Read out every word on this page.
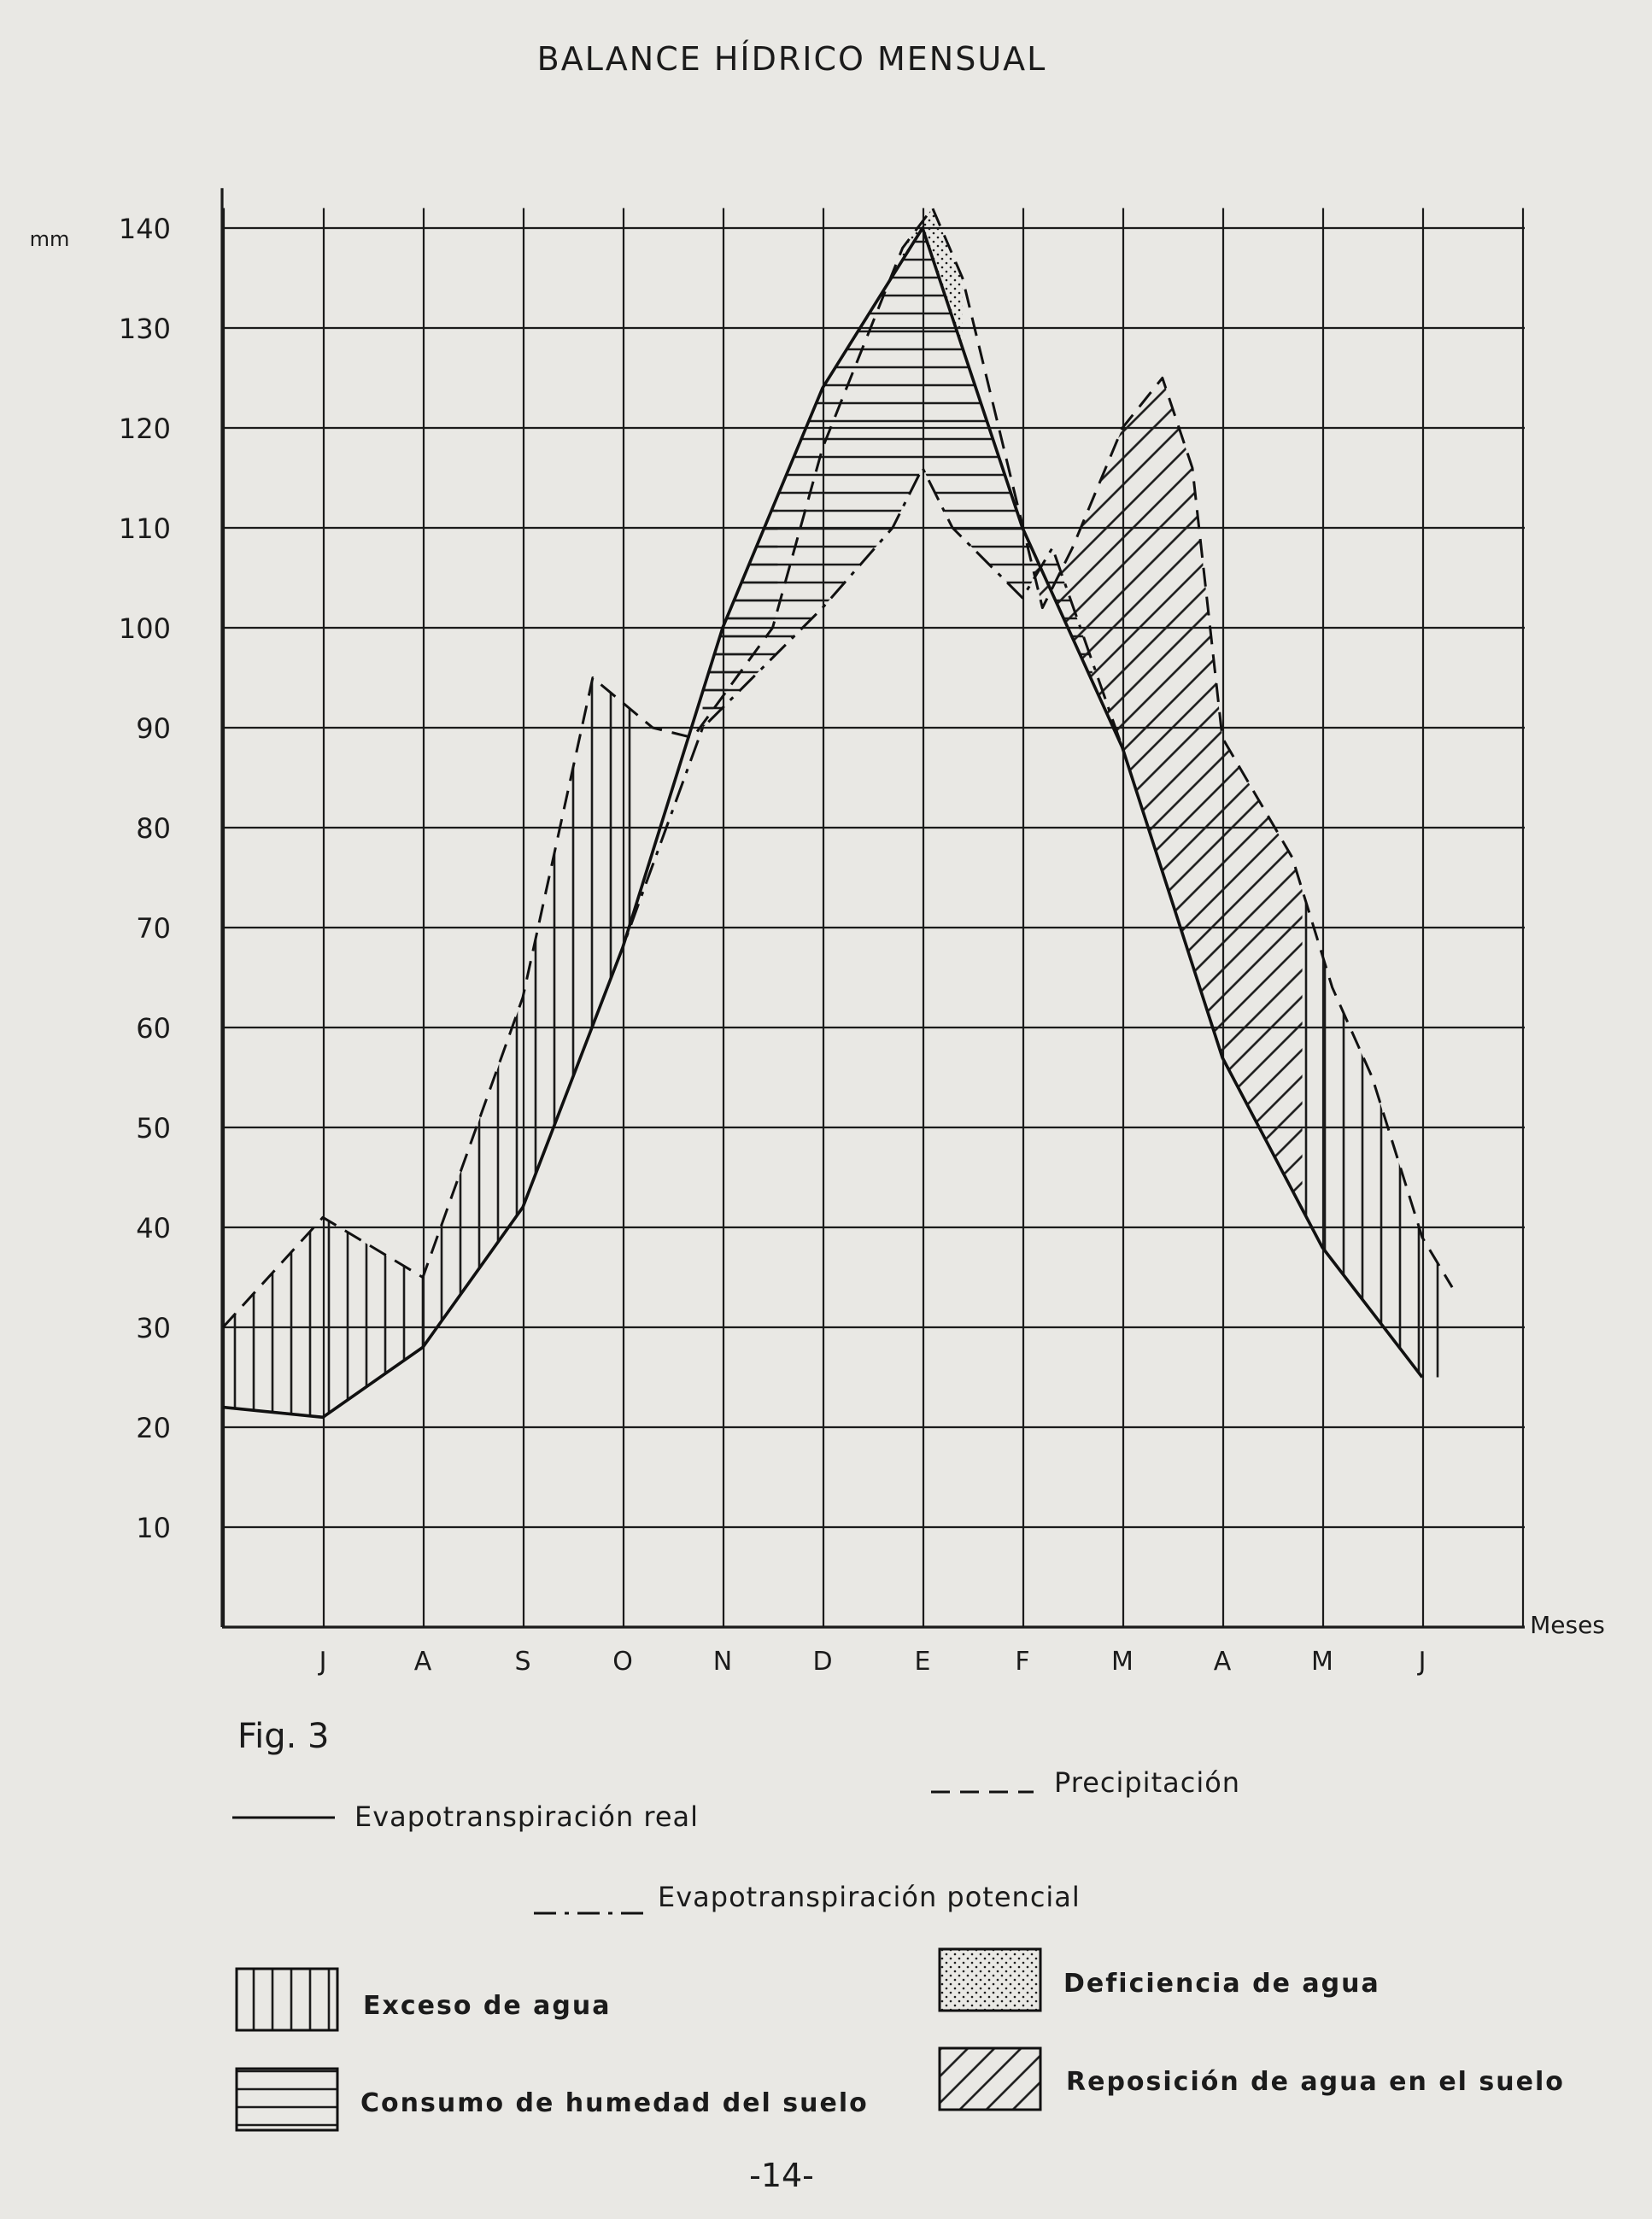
BALANCE HÍDRICO MENSUAL
mm
10
20
30
40
50
60
70
80
90
100
110
120
130
140
J	A	S	O	N	D	E	F	M	A	M	J
Meses
Fig. 3
Evapotranspiración real
Precipitación
Evapotranspiración potencial
Exceso de agua
Deficiencia de agua
Consumo de humedad del suelo
Reposición de agua en el suelo
-14-
